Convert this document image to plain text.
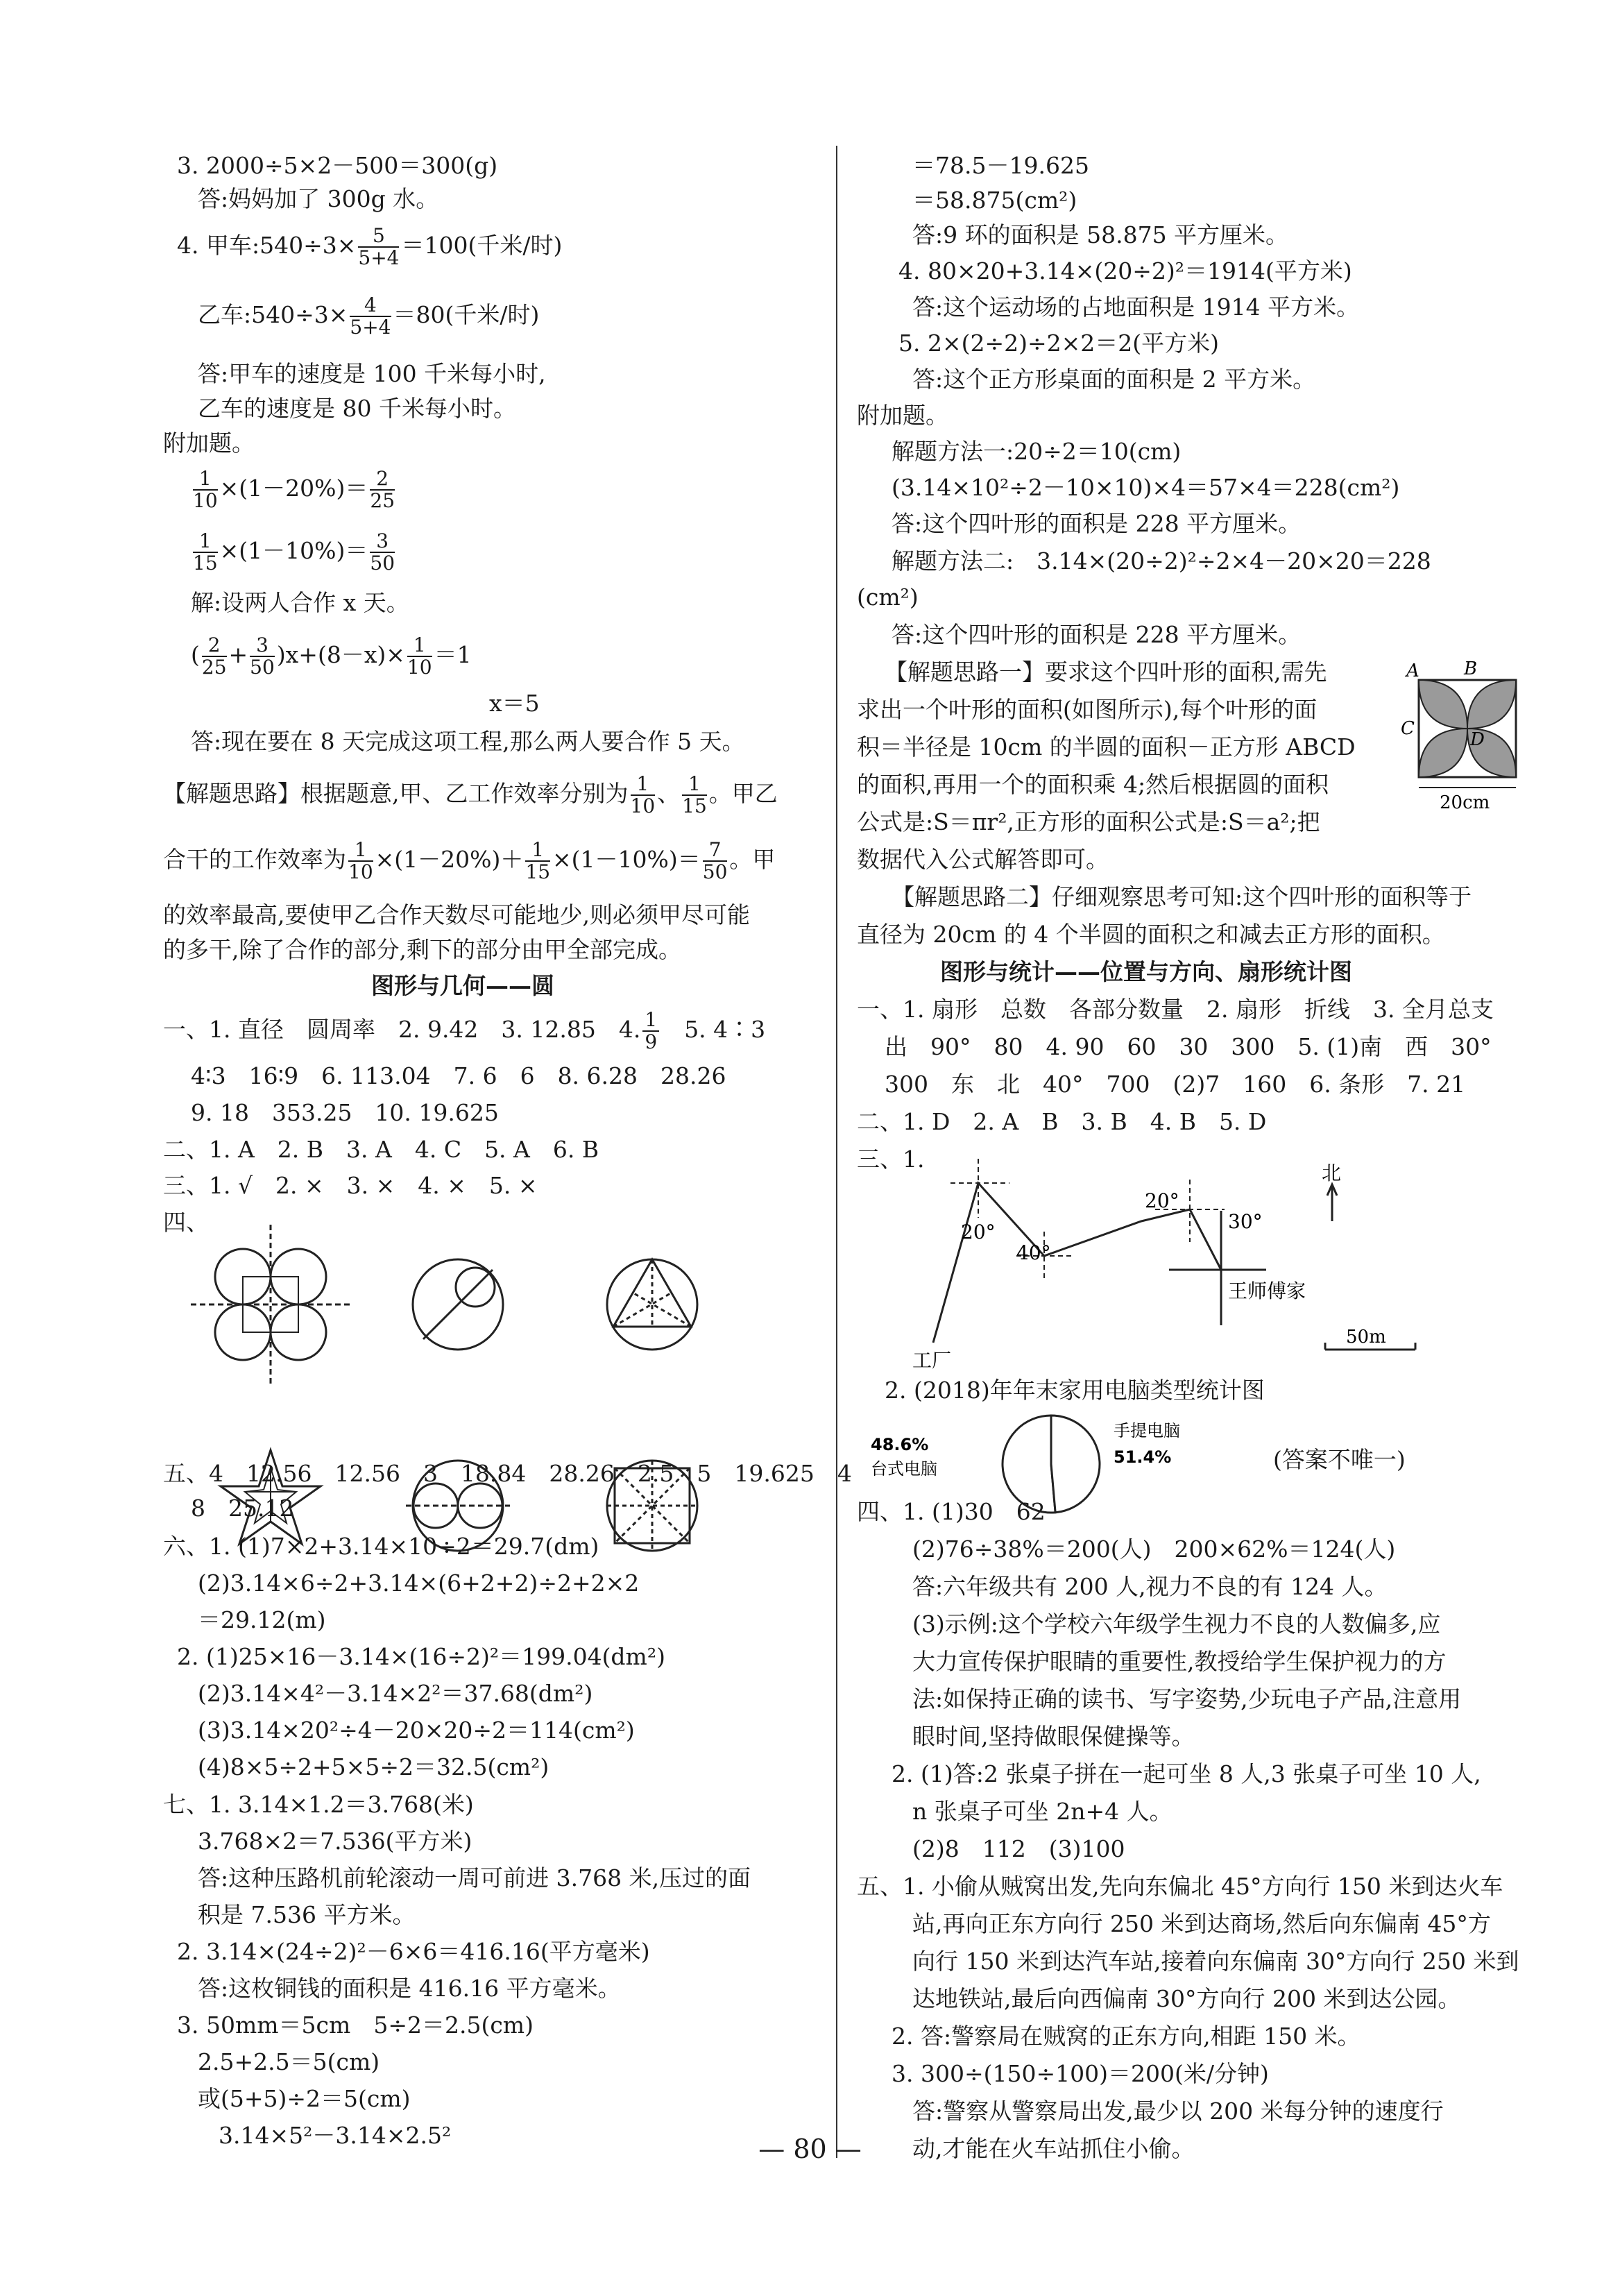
3. 2000÷5×2－500＝300(g)
答:妈妈加了 300g 水。
4. 甲车:540÷3× $\frac{5}{5+4} =100$(千米/时)
乙车:540÷3× $\frac{4}{5+4} =80$(千米/时)
答:甲车的速度是 100 千米每小时,
乙车的速度是 80 千米每小时。
附加题。
$\frac{1}{10} \times(1-20\%)= \frac{2}{25}$
$\frac{1}{15} \times(1-10\%)= \frac{3}{50}$
解:设两人合作 x 天。
( $\frac{2}{25} + \frac{3}{50} )x+(8-x)\times \frac{1}{10} =1$
x＝5
答:现在要在 8 天完成这项工程,那么两人要合作 5 天。
【解题思路】根据题意,甲、乙工作效率分别为 $\frac{1}{10}$ 、 $\frac{1}{15}$ 。甲乙
合干的工作效率为 $\frac{1}{10} \times(1-20\%)+ \frac{1}{15} \times(1-10\%)= \frac{7}{50}$ 。甲
的效率最高,要使甲乙合作天数尽可能地少,则必须甲尽可能
的多干,除了合作的部分,剩下的部分由甲全部完成。
图形与几何——圆
一、1. 直径　圆周率　2. 9.42　3. 12.85　4. $\frac{1}{9}$ 　5. 4∶3
4∶3　16∶9　6. 113.04　7. 6　6　8. 6.28　28.26
9. 18　353.25　10. 19.625
二、1. A　2. B　3. A　4. C　5. A　6. B
三、1. √　2. ×　3. ×　4. ×　5. ×
四、
五、4　12.56　12.56　3　18.84　28.26　2.5　5　19.625　4
8　25.12
六、1. (1)7×2+3.14×10÷2＝29.7(dm)
(2)3.14×6÷2+3.14×(6+2+2)÷2+2×2
＝29.12(m)
2. (1)25×16－3.14×(16÷2)²＝199.04(dm²)
(2)3.14×4²－3.14×2²＝37.68(dm²)
(3)3.14×20²÷4－20×20÷2＝114(cm²)
(4)8×5÷2+5×5÷2＝32.5(cm²)
七、1. 3.14×1.2＝3.768(米)
3.768×2＝7.536(平方米)
答:这种压路机前轮滚动一周可前进 3.768 米,压过的面
积是 7.536 平方米。
2. 3.14×(24÷2)²－6×6＝416.16(平方毫米)
答:这枚铜钱的面积是 416.16 平方毫米。
3. 50mm＝5cm　5÷2＝2.5(cm)
2.5+2.5＝5(cm)
或(5+5)÷2＝5(cm)
3.14×5²－3.14×2.5²
＝78.5－19.625
＝58.875(cm²)
答:9 环的面积是 58.875 平方厘米。
4. 80×20+3.14×(20÷2)²＝1914(平方米)
答:这个运动场的占地面积是 1914 平方米。
5. 2×(2÷2)÷2×2＝2(平方米)
答:这个正方形桌面的面积是 2 平方米。
附加题。
解题方法一:20÷2＝10(cm)
(3.14×10²÷2－10×10)×4＝57×4＝228(cm²)
答:这个四叶形的面积是 228 平方厘米。
解题方法二:　3.14×(20÷2)²÷2×4－20×20＝228
(cm²)
答:这个四叶形的面积是 228 平方厘米。
【解题思路一】要求这个四叶形的面积,需先
求出一个叶形的面积(如图所示),每个叶形的面
积＝半径是 10cm 的半圆的面积－正方形 ABCD
的面积,再用一个的面积乘 4;然后根据圆的面积
公式是:S＝πr²,正方形的面积公式是:S＝a²;把
数据代入公式解答即可。
A B
C
D
20cm
【解题思路二】仔细观察思考可知:这个四叶形的面积等于
直径为 20cm 的 4 个半圆的面积之和减去正方形的面积。
图形与统计——位置与方向、扇形统计图
一、1. 扇形　总数　各部分数量　2. 扇形　折线　3. 全月总支
出　90°　80　4. 90　60　30　300　5. (1)南　西　30°
300　东　北　40°　700　(2)7　160　6. 条形　7. 21
二、1. D　2. A　B　3. B　4. B　5. D
三、1.
20°
40°
20°
30°
北
王师傅家
工厂
50m
2. (2018)年年末家用电脑类型统计图
48.6%
台式电脑
手提电脑
51.4%	(答案不唯一)
四、1. (1)30　62
(2)76÷38%＝200(人)　200×62%＝124(人)
答:六年级共有 200 人,视力不良的有 124 人。
(3)示例:这个学校六年级学生视力不良的人数偏多,应
大力宣传保护眼睛的重要性,教授给学生保护视力的方
法:如保持正确的读书、写字姿势,少玩电子产品,注意用
眼时间,坚持做眼保健操等。
2. (1)答:2 张桌子拼在一起可坐 8 人,3 张桌子可坐 10 人,
n 张桌子可坐 2n+4 人。
(2)8　112　(3)100
五、1. 小偷从贼窝出发,先向东偏北 45°方向行 150 米到达火车
站,再向正东方向行 250 米到达商场,然后向东偏南 45°方
向行 150 米到达汽车站,接着向东偏南 30°方向行 250 米到
达地铁站,最后向西偏南 30°方向行 200 米到达公园。
2. 答:警察局在贼窝的正东方向,相距 150 米。
3. 300÷(150÷100)＝200(米/分钟)
答:警察从警察局出发,最少以 200 米每分钟的速度行
动,才能在火车站抓住小偷。
— 80 —
